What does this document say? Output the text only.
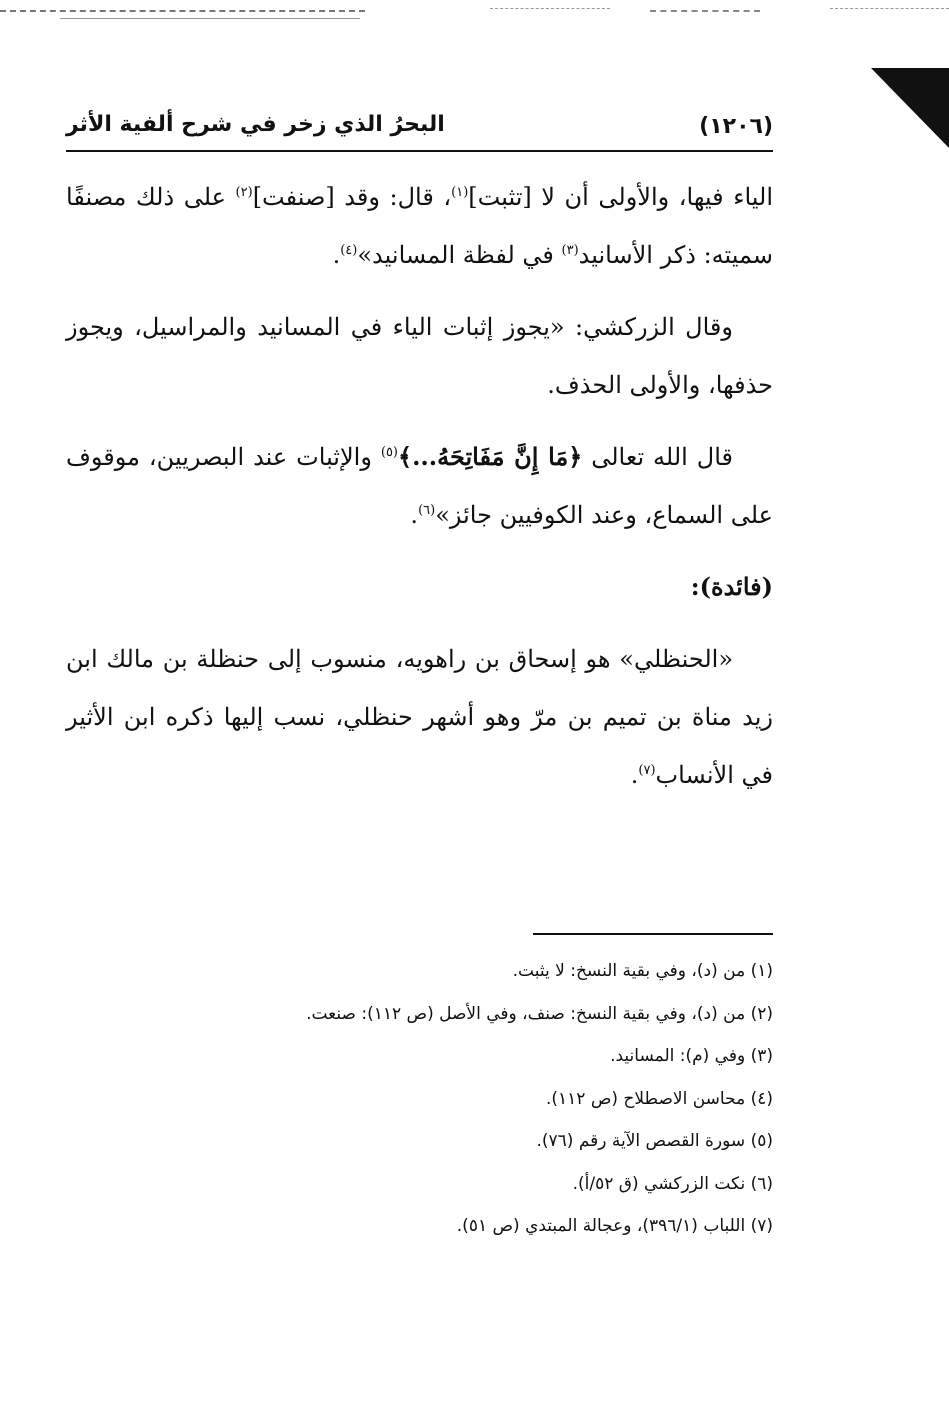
(١٢٠٦)
البحرُ الذي زخر في شرح ألفية الأثر

الياء فيها، والأولى أن لا [تثبت]$^{(١)}$، قال: وقد [صنفت]$^{(٢)}$ على ذلك مصنفًا سميته: ذكر الأسانيد$^{(٣)}$ في لفظة المسانيد»$^{(٤)}$.

وقال الزركشي: «يجوز إثبات الياء في المسانيد والمراسيل، ويجوز حذفها، والأولى الحذف.

قال الله تعالى ﴿مَا إِنَّ مَفَاتِحَهُ...﴾$^{(٥)}$ والإثبات عند البصريين، موقوف على السماع، وعند الكوفيين جائز»$^{(٦)}$.

(فائدة):

«الحنظلي» هو إسحاق بن راهويه، منسوب إلى حنظلة بن مالك ابن زيد مناة بن تميم بن مرّ وهو أشهر حنظلي، نسب إليها ذكره ابن الأثير في الأنساب$^{(٧)}$.

(١) من (د)، وفي بقية النسخ: لا يثبت.

(٢) من (د)، وفي بقية النسخ: صنف، وفي الأصل (ص ١١٢): صنعت.

(٣) وفي (م): المسانيد.

(٤) محاسن الاصطلاح (ص ١١٢).

(٥) سورة القصص الآية رقم (٧٦).

(٦) نكت الزركشي (ق ٥٢/أ).

(٧) اللباب (٣٩٦/١)، وعجالة المبتدي (ص ٥١).
